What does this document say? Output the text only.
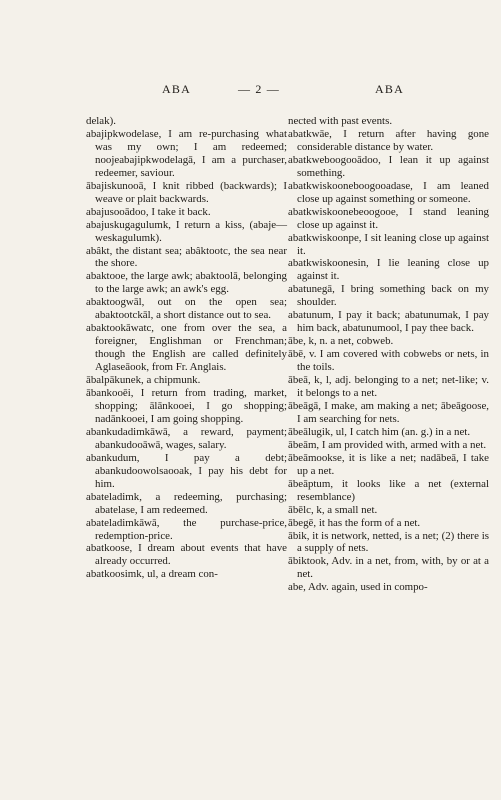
ABA	— 2 —	ABA

delak).

abajipkwodelase, I am re-purchasing what was my own; I am redeemed; noojeabajipkwodelagā, I am a purchaser, redeemer, saviour.

ābajiskunooā, I knit ribbed (backwards); I weave or plait backwards.

abajusooādoo, I take it back.

abajuskugagulumk, I return a kiss, (abaje—weskagulumk).

abâkt, the distant sea; abâktootc, the sea near the shore.

abaktooe, the large awk; abaktoolā, belonging to the large awk; an awk's egg.

abaktoogwāl, out on the open sea; abaktootckāl, a short distance out to sea.

abaktookāwatc, one from over the sea, a foreigner, Englishman or Frenchman; though the English are called definitely Aglaseāook, from Fr. Anglais.

ābalpākunek, a chipmunk.

ābankooēi, I return from trading, market, shopping; ālānkooei, I go shopping; nadānkooei, I am going shopping.

abankudadimkāwā, a reward, payment; abankudooāwā, wages, salary.

abankudum, I pay a debt; abankudoowolsaooak, I pay his debt for him.

abateladimk, a redeeming, purchasing; abatelase, I am redeemed.

abateladimkāwā, the purchase-price, redemption-price.

abatkoose, I dream about events that have already occurred.

abatkoosimk, ul, a dream con-

nected with past events.

abatkwāe, I return after having gone considerable distance by water.

abatkweboogooādoo, I lean it up against something.

abatkwiskooneboogooadase, I am leaned close up against something or someone.

abatkwiskoonebeoogooe, I stand leaning close up against it.

abatkwiskoonpe, I sit leaning close up against it.

abatkwiskoonesin, I lie leaning close up against it.

abatunegā, I bring something back on my shoulder.

abatunum, I pay it back; abatunumak, I pay him back, abatunumool, I pay thee back.

ābe, k, n. a net, cobweb.

ābē, v. I am covered with cobwebs or nets, in the toils.

ābeā, k, l, adj. belonging to a net; net-like; v. it belongs to a net.

ābeāgā, I make, am making a net; ābeāgoose, I am searching for nets.

ābeālugik, ul, I catch him (an. g.) in a net.

ābeām, I am provided with, armed with a net.

ābeāmookse, it is like a net; nadābeā, I take up a net.

ābeāptum, it looks like a net (external resemblance)

ābēlc, k, a small net.

ābegē, it has the form of a net.

ābik, it is network, netted, is a net; (2) there is a supply of nets.

ābiktook, Adv. in a net, from, with, by or at a net.

abe, Adv. again, used in compo-
